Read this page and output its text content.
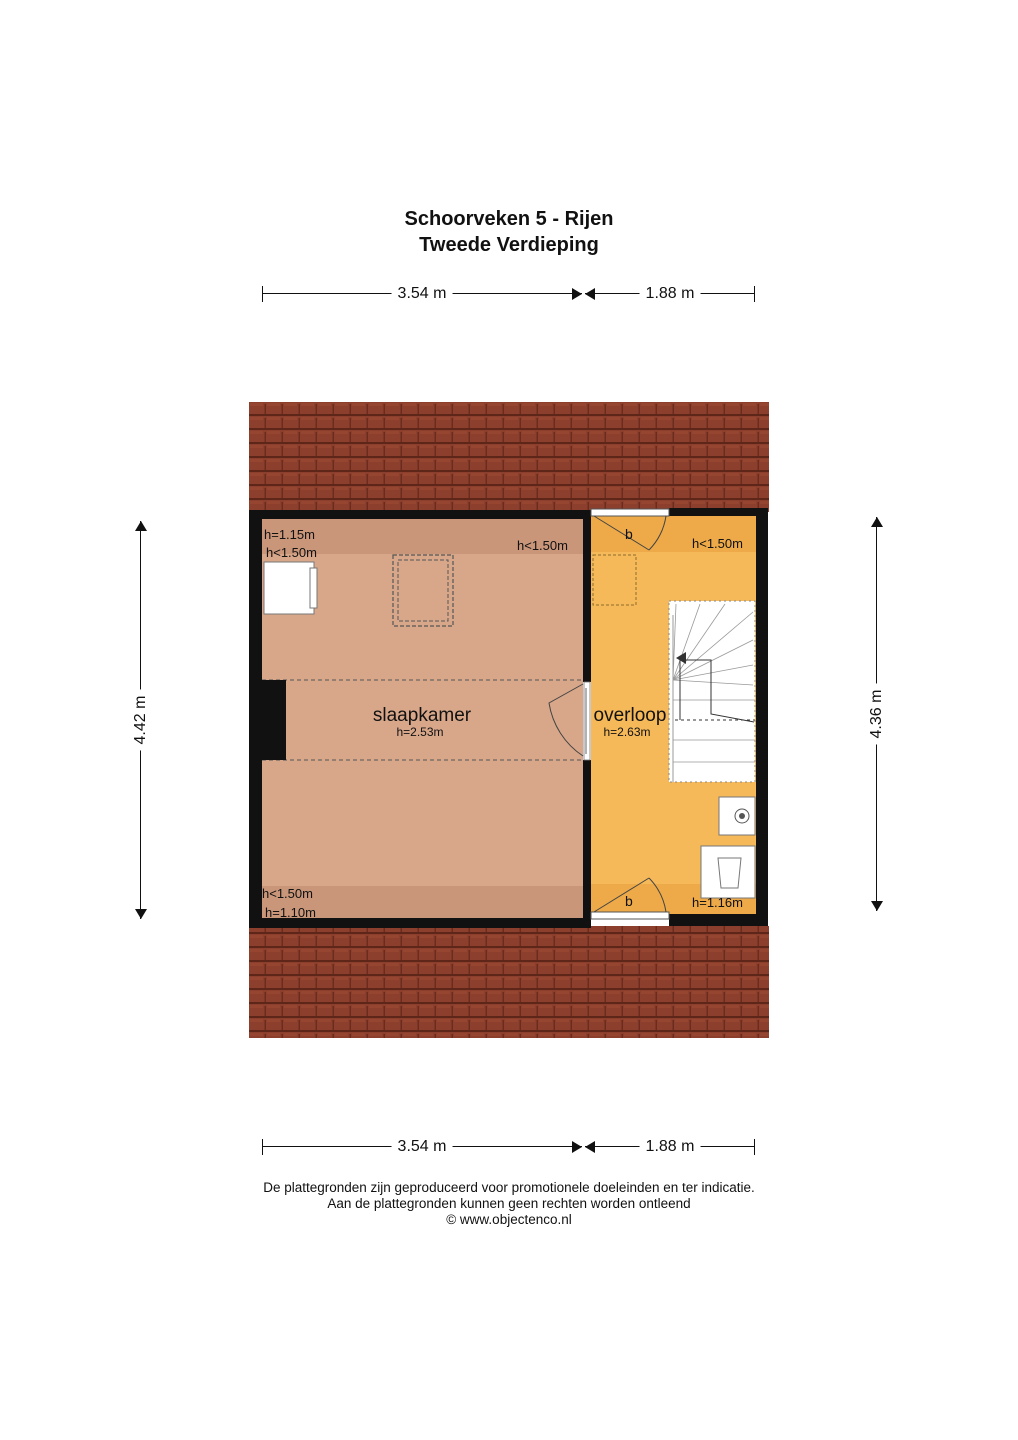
Schoorveken 5 - Rijen
Tweede Verdieping
3.54 m	1.88 m
3.54 m	1.88 m
4.42 m	4.36 m
h=1.15m
h<1.50m	h<1.50m
slaapkamer
h=2.53m
h<1.50m
h=1.10m
b
h<1.50m
overloop
h=2.63m
b	h=1.16m
De plattegronden zijn geproduceerd voor promotionele doeleinden en ter indicatie.
Aan de plattegronden kunnen geen rechten worden ontleend
© www.objectenco.nl
